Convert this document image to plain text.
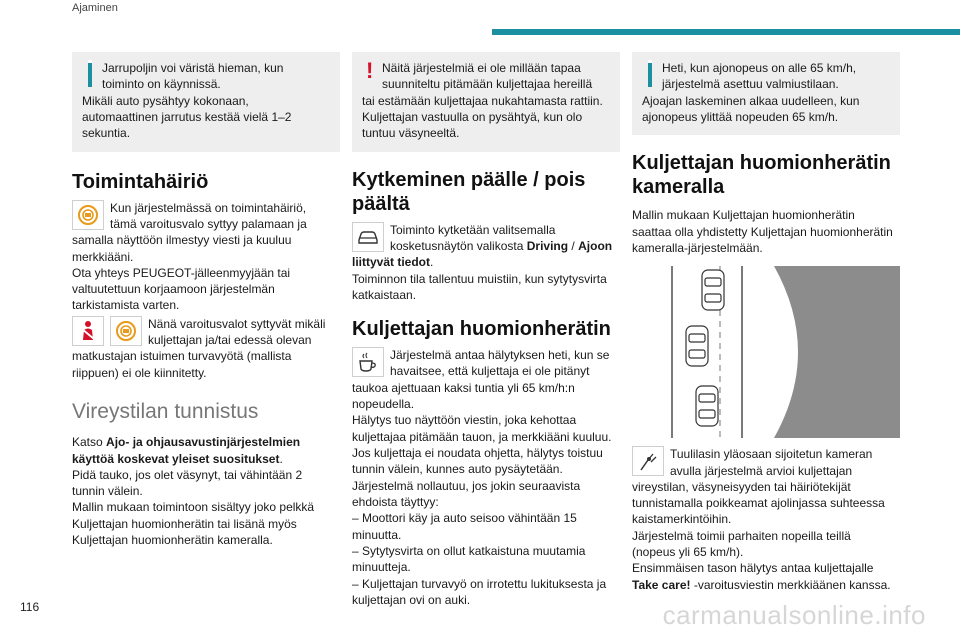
Ajaminen

Jarrupoljin voi väristä hieman, kun

toiminto on käynnissä.

Mikäli auto pysähtyy kokonaan,

automaattinen jarrutus kestää vielä 1–2

sekuntia.

Toimintahäiriö

Kun järjestelmässä on toimintahäiriö,

tämä varoitusvalo syttyy palamaan ja

samalla näyttöön ilmestyy viesti ja kuuluu

merkkiääni.

Ota yhteys PEUGEOT-jälleenmyyjään tai

valtuutettuun korjaamoon järjestelmän

tarkistamista varten.

Nänä varoitusvalot syttyvät mikäli

kuljettajan ja/tai edessä olevan

matkustajan istuimen turvavyötä (mallista

riippuen) ei ole kiinnitetty.

Vireystilan tunnistus

Katso Ajo- ja ohjausavustinjärjestelmien

käyttöä koskevat yleiset suositukset.

Pidä tauko, jos olet väsynyt, tai vähintään 2

tunnin välein.

Mallin mukaan toimintoon sisältyy joko pelkkä

Kuljettajan huomionherätin tai lisänä myös

Kuljettajan huomionherätin kameralla.

! Näitä järjestelmiä ei ole millään tapaa

suunniteltu pitämään kuljettajaa hereillä

tai estämään kuljettajaa nukahtamasta rattiin.

Kuljettajan vastuulla on pysähtyä, kun olo

tuntuu väsyneeltä.

Kytkeminen päälle / pois
päältä

Toiminto kytketään valitsemalla

kosketusnäytön valikosta Driving / Ajoon

liittyvät tiedot.

Toiminnon tila tallentuu muistiin, kun sytytysvirta

katkaistaan.

Kuljettajan huomionherätin

Järjestelmä antaa hälytyksen heti, kun se

havaitsee, että kuljettaja ei ole pitänyt

taukoa ajettuaan kaksi tuntia yli 65 km/h:n

nopeudella.

Hälytys tuo näyttöön viestin, joka kehottaa

kuljettajaa pitämään tauon, ja merkkiääni kuuluu.

Jos kuljettaja ei noudata ohjetta, hälytys toistuu

tunnin välein, kunnes auto pysäytetään.

Järjestelmä nollautuu, jos jokin seuraavista

ehdoista täyttyy:

– Moottori käy ja auto seisoo vähintään 15

minuutta.

– Sytytysvirta on ollut katkaistuna muutamia

minuutteja.

– Kuljettajan turvavyö on irrotettu lukituksesta ja

kuljettajan ovi on auki.

Heti, kun ajonopeus on alle 65 km/h,

järjestelmä asettuu valmiustilaan.

Ajoajan laskeminen alkaa uudelleen, kun

ajonopeus ylittää nopeuden 65 km/h.

Kuljettajan huomionherätin
kameralla

Mallin mukaan Kuljettajan huomionherätin

saattaa olla yhdistetty Kuljettajan huomionherätin

kameralla-järjestelmään.

Tuulilasin yläosaan sijoitetun kameran

avulla järjestelmä arvioi kuljettajan

vireystilan, väsyneisyyden tai häiriötekijät

tunnistamalla poikkeamat ajolinjassa suhteessa

kaistamerkintöihin.

Järjestelmä toimii parhaiten nopeilla teillä

(nopeus yli 65 km/h).

Ensimmäisen tason hälytys antaa kuljettajalle

Take care! -varoitusviestin merkkiäänen kanssa.

116	carmanualsonline.info
